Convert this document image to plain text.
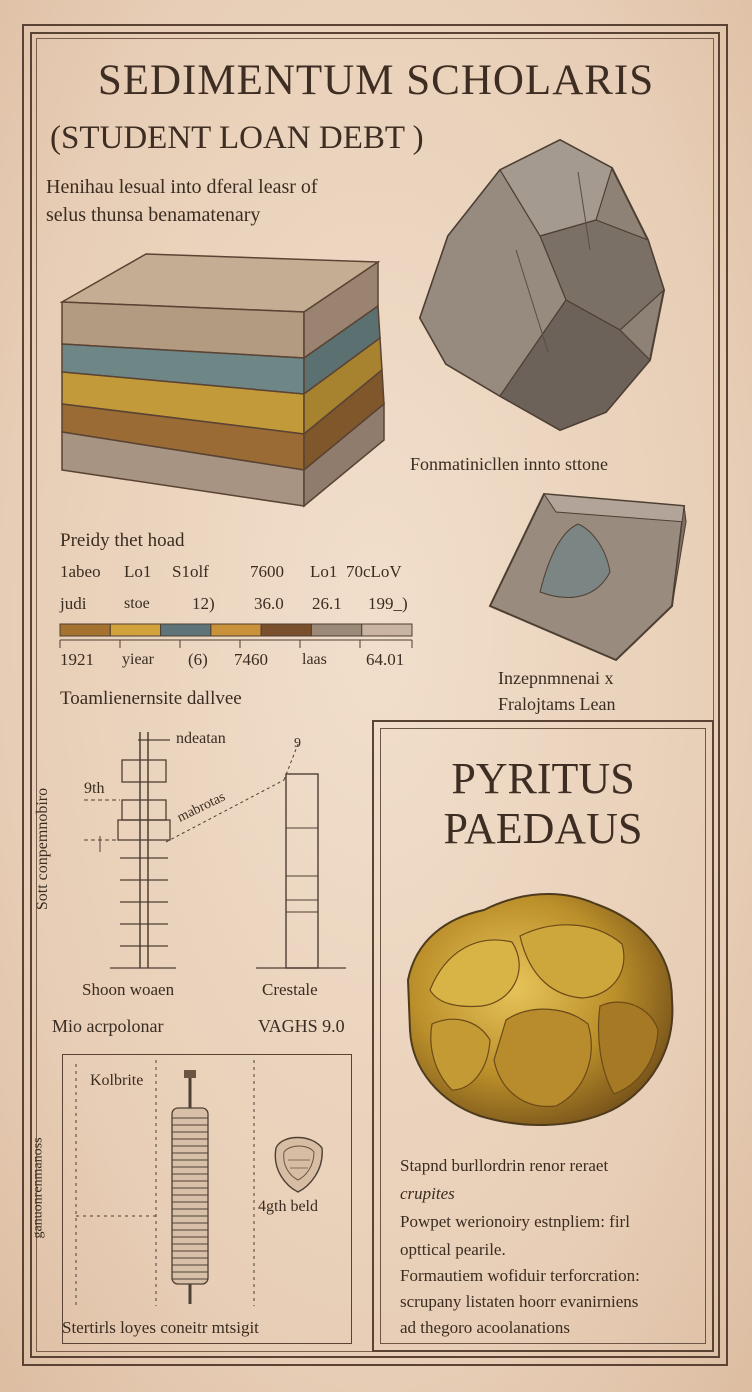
SEDIMENTUM SCHOLARIS
(STUDENT LOAN DEBT )
Henihau lesual into dferal leasr of
selus thunsa benamatenary
Fonmatinicllen innto sttone
Inzepnmnenai x
Fralojtams Lean
Preidy thet hoad
1abeo Lo1 S1olf 7600 Lo1 70cLoV
judi stoe 12) 36.0 26.1 199_)
1921 yiear (6) 7460 laas 64.01
Toamlienernsite dallvee
ndeatan
9th
Sott conpemnobiro	mabrotas
9
Shoon woaen	Crestale
Mio acrpolonar	VAGHS 9.0
Kolbrite
ganuonrenmanoss	4gth beld
Stertirls loyes coneitr mtsigit
PYRITUS
PAEDAUS
Stapnd burllordrin renor reraet
crupites
Powpet werionoiry estnpliem: firl
opttical pearile.
Formautiem wofiduir terforcration:
scrupany listaten hoorr evanirniens
ad thegoro acoolanations
